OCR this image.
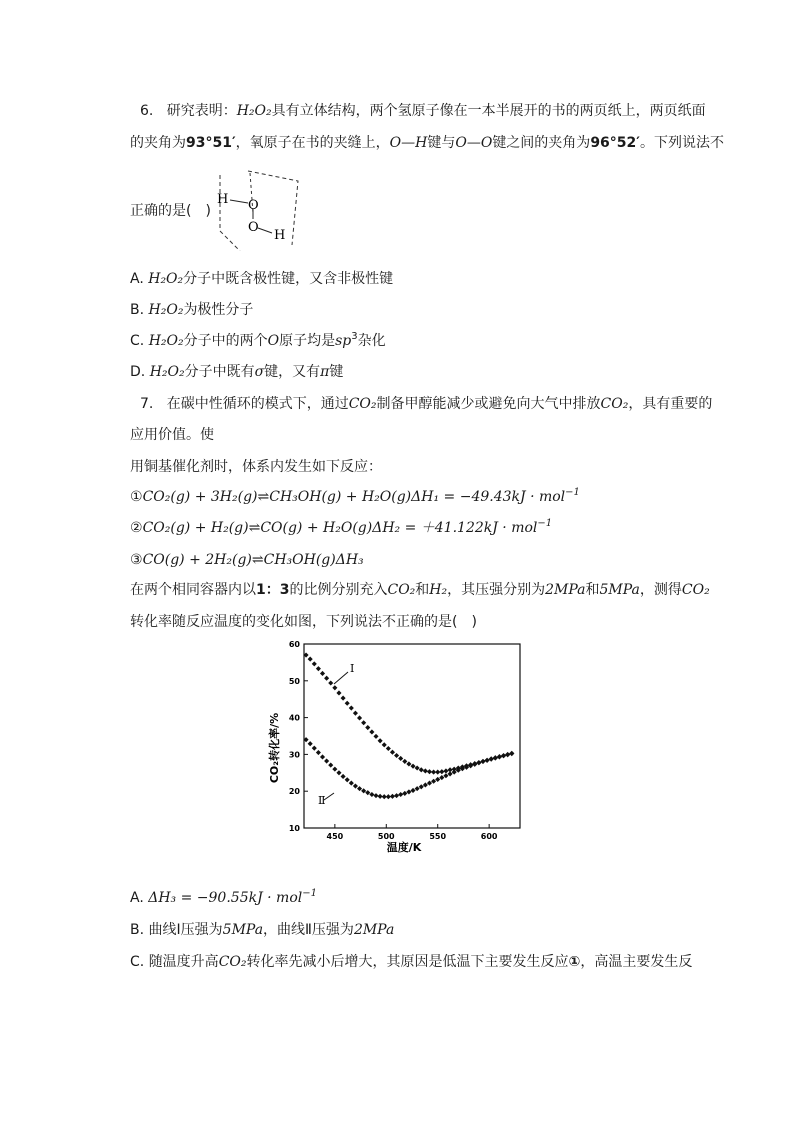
6. 研究表明：H₂O₂具有立体结构，两个氢原子像在一本半展开的书的两页纸上，两页纸面
的夹角为93°51′，氧原子在书的夹缝上，O—H键与O—O键之间的夹角为96°52′。下列说法不
正确的是(　)
H O
O
H
A. H₂O₂分子中既含极性键，又含非极性键
B. H₂O₂为极性分子
C. H₂O₂分子中的两个O原子均是$sp^3$杂化
D. H₂O₂分子中既有σ键，又有π键
7. 在碳中性循环的模式下，通过CO₂制备甲醇能减少或避免向大气中排放CO₂，具有重要的
应用价值。使
用铜基催化剂时，体系内发生如下反应：
①CO₂(g) + 3H₂(g)⇌CH₃OH(g) + H₂O(g)ΔH₁ = −49.43kJ · mol$^{-1}$
②CO₂(g) + H₂(g)⇌CO(g) + H₂O(g)ΔH₂ = ＋41.122kJ · mol$^{-1}$
③CO(g) + 2H₂(g)⇌CH₃OH(g)ΔH₃
在两个相同容器内以1：3的比例分别充入CO₂和H₂，其压强分别为2MPa和5MPa，测得CO₂
转化率随反应温度的变化如图，下列说法不正确的是(　)
10
20
30
40
50
60
450	500	550	600
CO₂转化率/%
温度/K
Ⅰ
Ⅱ
A. ΔH₃ = −90.55kJ · mol$^{-1}$
B. 曲线Ⅰ压强为5MPa，曲线Ⅱ压强为2MPa
C. 随温度升高CO₂转化率先减小后增大，其原因是低温下主要发生反应①，高温主要发生反
